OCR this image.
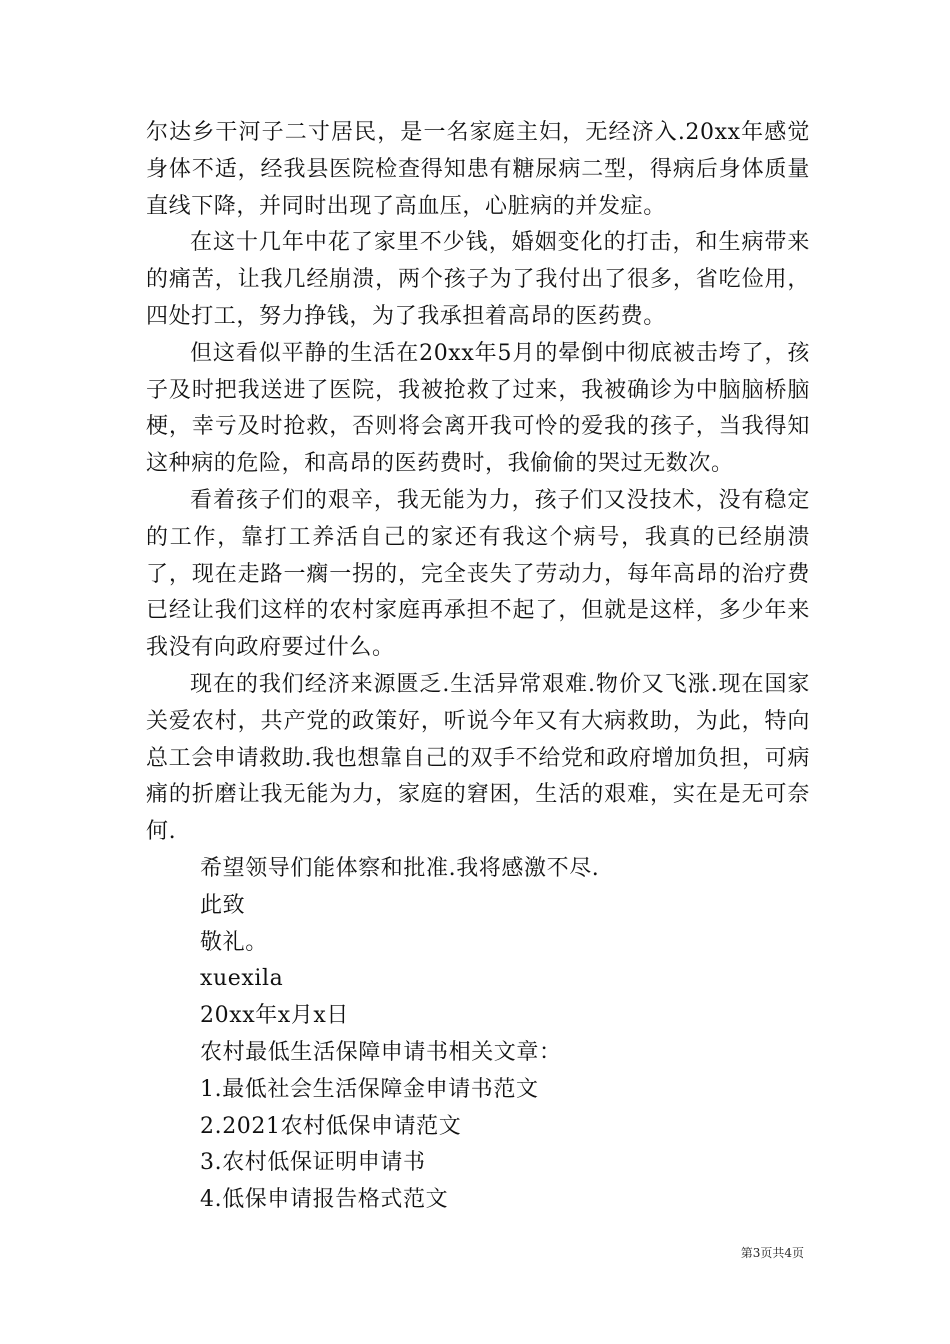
尔达乡干河子二寸居民，是一名家庭主妇，无经济入.20xx年感觉身体不适，经我县医院检查得知患有糖尿病二型，得病后身体质量直线下降，并同时出现了高血压，心脏病的并发症。

在这十几年中花了家里不少钱，婚姻变化的打击，和生病带来的痛苦，让我几经崩溃，两个孩子为了我付出了很多，省吃俭用，四处打工，努力挣钱，为了我承担着高昂的医药费。

但这看似平静的生活在20xx年5月的晕倒中彻底被击垮了，孩子及时把我送进了医院，我被抢救了过来，我被确诊为中脑脑桥脑梗，幸亏及时抢救，否则将会离开我可怜的爱我的孩子，当我得知这种病的危险，和高昂的医药费时，我偷偷的哭过无数次。

看着孩子们的艰辛，我无能为力，孩子们又没技术，没有稳定的工作，靠打工养活自己的家还有我这个病号，我真的已经崩溃了，现在走路一瘸一拐的，完全丧失了劳动力，每年高昂的治疗费已经让我们这样的农村家庭再承担不起了，但就是这样，多少年来我没有向政府要过什么。

现在的我们经济来源匮乏.生活异常艰难.物价又飞涨.现在国家关爱农村，共产党的政策好，听说今年又有大病救助，为此，特向总工会申请救助.我也想靠自己的双手不给党和政府增加负担，可病痛的折磨让我无能为力，家庭的窘困，生活的艰难，实在是无可奈何.

希望领导们能体察和批准.我将感激不尽.

此致

敬礼。

xuexila

20xx年x月x日

农村最低生活保障申请书相关文章：

1.最低社会生活保障金申请书范文

2.2021农村低保申请范文

3.农村低保证明申请书

4.低保申请报告格式范文

第3页共4页
